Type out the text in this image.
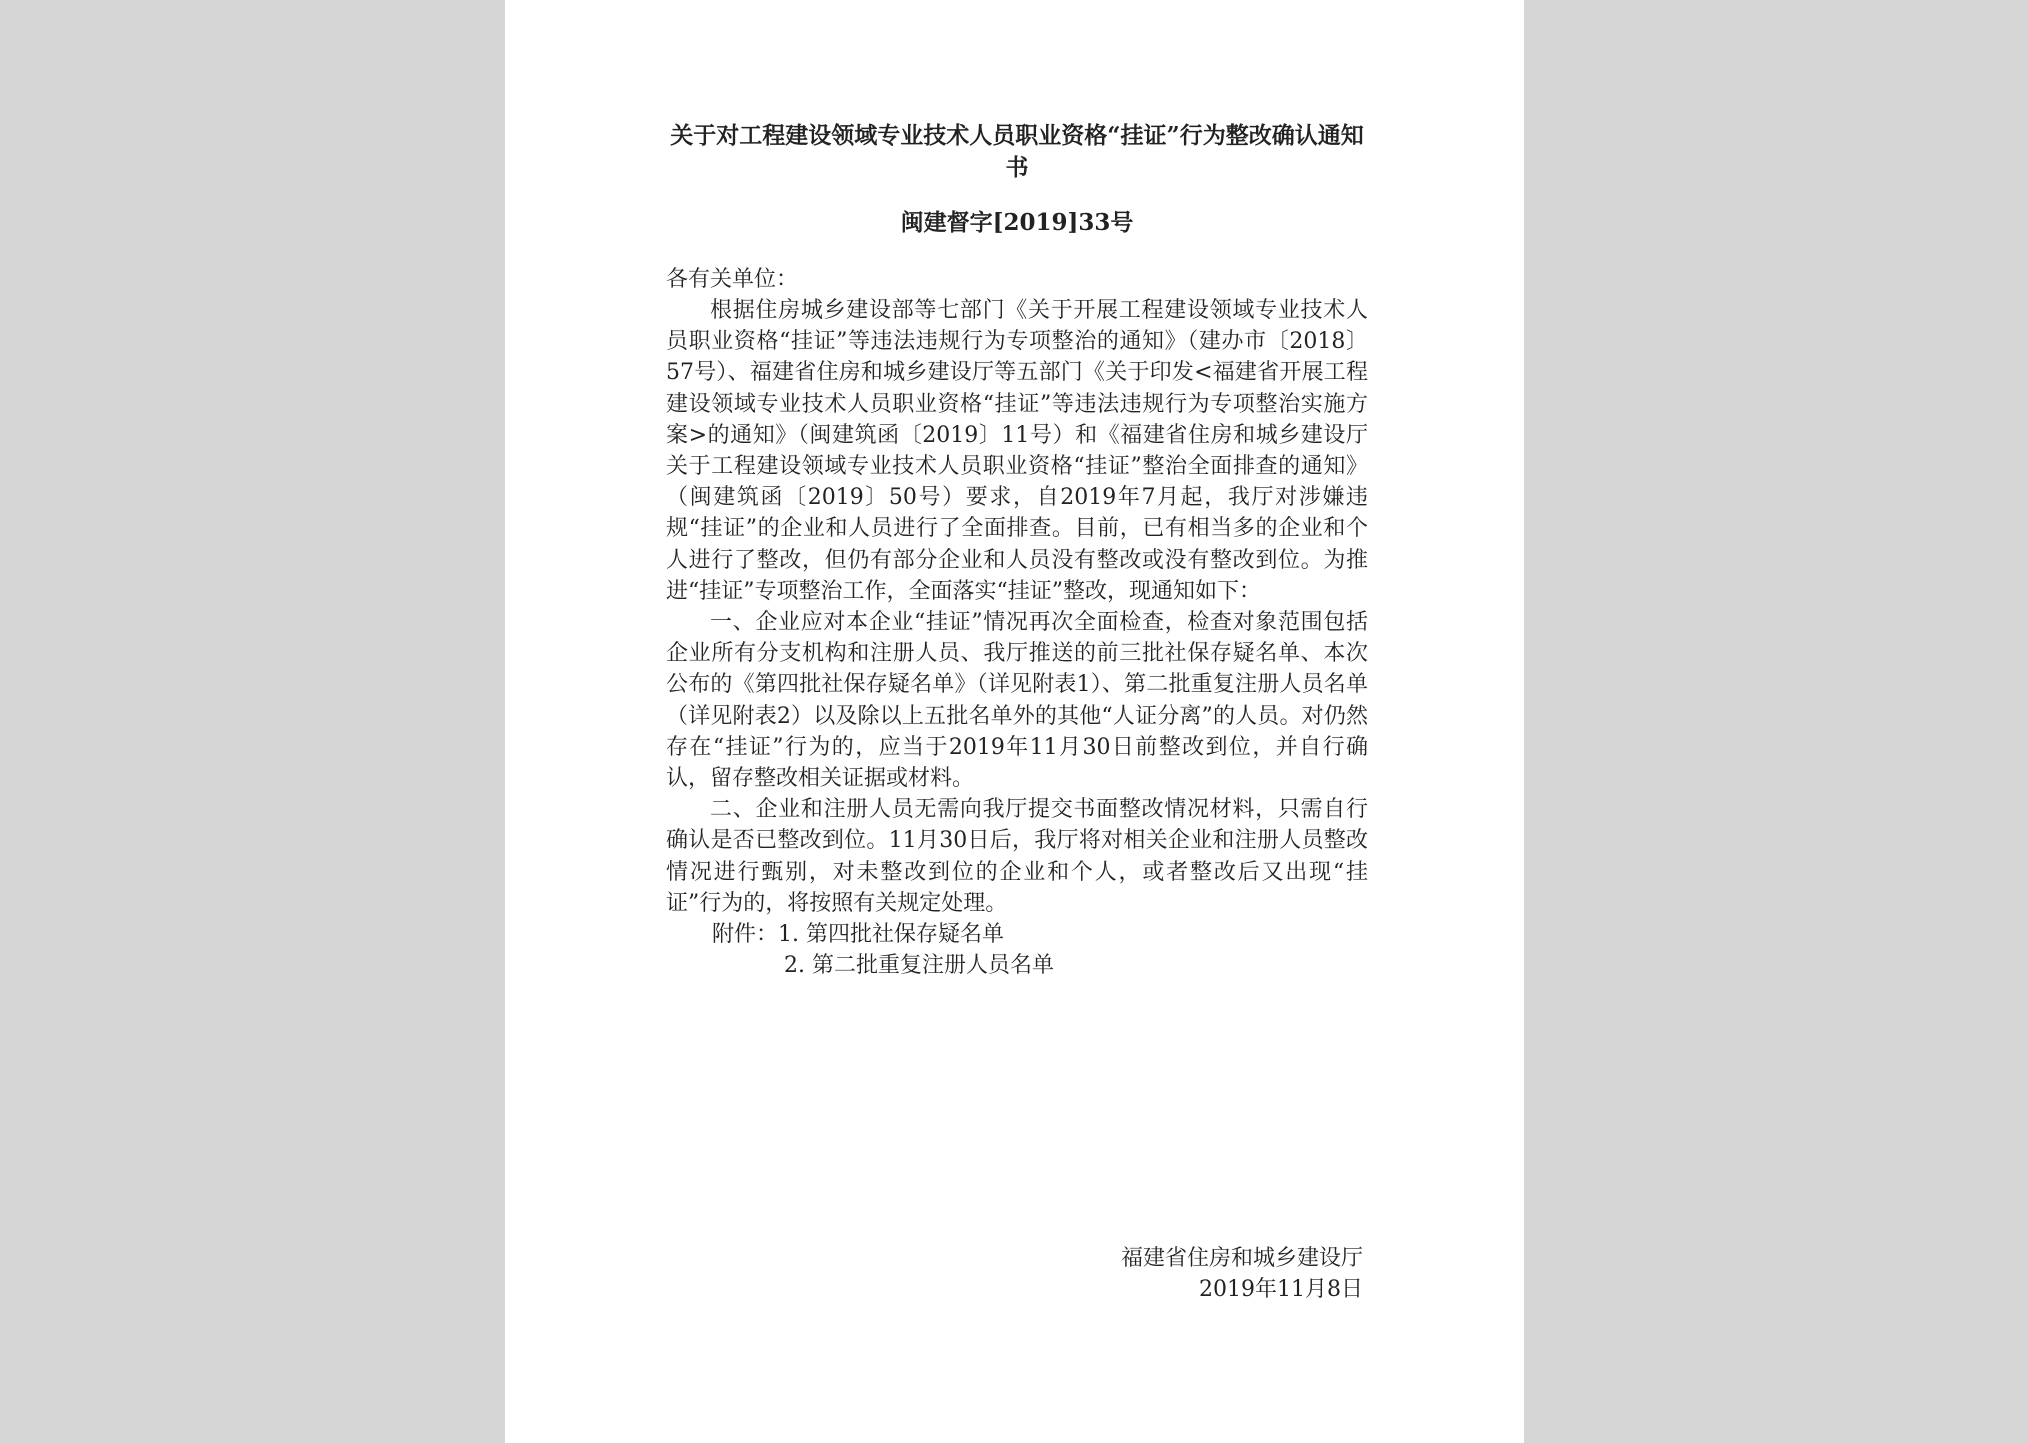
关于对工程建设领域专业技术人员职业资格“挂证”行为整改确认通知书
闽建督字[2019]33号
各有关单位：

根据住房城乡建设部等七部门《关于开展工程建设领域专业技术人员职业资格“挂证”等违法违规行为专项整治的通知》（建办市〔2018〕57号）、福建省住房和城乡建设厅等五部门《关于印发<福建省开展工程建设领域专业技术人员职业资格“挂证”等违法违规行为专项整治实施方案>的通知》（闽建筑函〔2019〕11号）和《福建省住房和城乡建设厅关于工程建设领域专业技术人员职业资格“挂证”整治全面排查的通知》（闽建筑函〔2019〕50号）要求，自2019年7月起，我厅对涉嫌违规“挂证”的企业和人员进行了全面排查。目前，已有相当多的企业和个人进行了整改，但仍有部分企业和人员没有整改或没有整改到位。为推进“挂证”专项整治工作，全面落实“挂证”整改，现通知如下：

一、企业应对本企业“挂证”情况再次全面检查，检查对象范围包括企业所有分支机构和注册人员、我厅推送的前三批社保存疑名单、本次公布的《第四批社保存疑名单》（详见附表1）、第二批重复注册人员名单（详见附表2）以及除以上五批名单外的其他“人证分离”的人员。对仍然存在“挂证”行为的，应当于2019年11月30日前整改到位，并自行确认，留存整改相关证据或材料。

二、企业和注册人员无需向我厅提交书面整改情况材料，只需自行确认是否已整改到位。11月30日后，我厅将对相关企业和注册人员整改情况进行甄别，对未整改到位的企业和个人，或者整改后又出现“挂证”行为的，将按照有关规定处理。

附件：1. 第四批社保存疑名单
2. 第二批重复注册人员名单
福建省住房和城乡建设厅
2019年11月8日
